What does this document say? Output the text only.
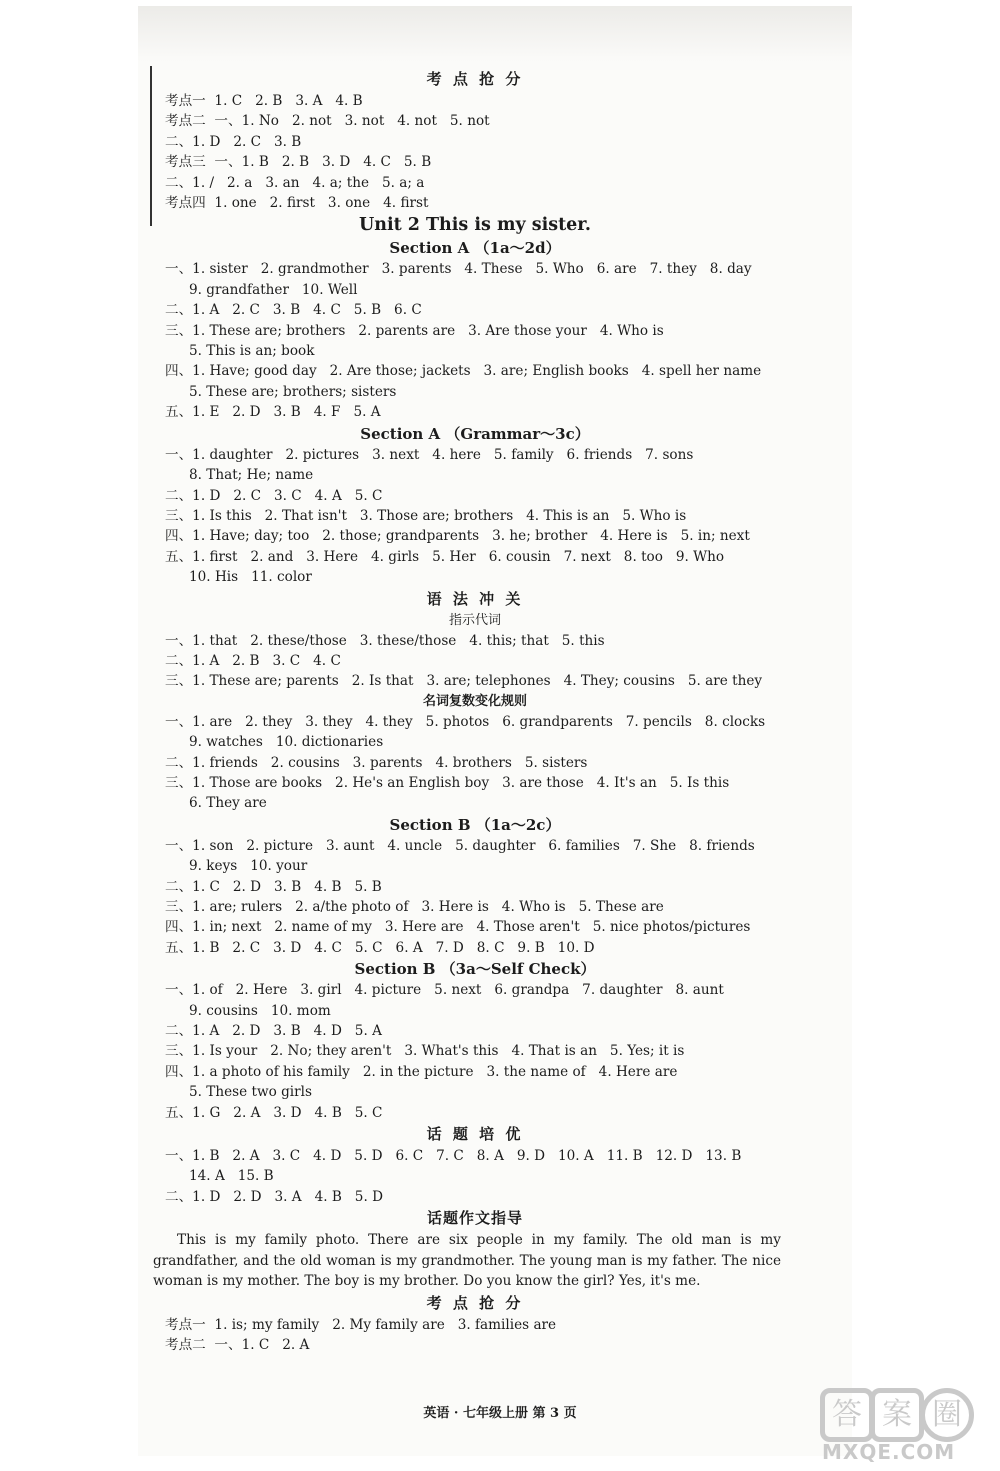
考 点 抢 分
考点一  1. C   2. B   3. A   4. B
考点二  一、1. No   2. not   3. not   4. not   5. not
二、1. D   2. C   3. B
考点三  一、1. B   2. B   3. D   4. C   5. B
二、1. /   2. a   3. an   4. a; the   5. a; a
考点四  1. one   2. first   3. one   4. first
Unit 2 This is my sister.
Section A （1a～2d）
一、1. sister   2. grandmother   3. parents   4. These   5. Who   6. are   7. they   8. day
9. grandfather   10. Well
二、1. A   2. C   3. B   4. C   5. B   6. C
三、1. These are; brothers   2. parents are   3. Are those your   4. Who is
5. This is an; book
四、1. Have; good day   2. Are those; jackets   3. are; English books   4. spell her name
5. These are; brothers; sisters
五、1. E   2. D   3. B   4. F   5. A
Section A （Grammar～3c）
一、1. daughter   2. pictures   3. next   4. here   5. family   6. friends   7. sons
8. That; He; name
二、1. D   2. C   3. C   4. A   5. C
三、1. Is this   2. That isn't   3. Those are; brothers   4. This is an   5. Who is
四、1. Have; day; too   2. those; grandparents   3. he; brother   4. Here is   5. in; next
五、1. first   2. and   3. Here   4. girls   5. Her   6. cousin   7. next   8. too   9. Who
10. His   11. color
语 法 冲 关
指示代词
一、1. that   2. these/those   3. these/those   4. this; that   5. this
二、1. A   2. B   3. C   4. C
三、1. These are; parents   2. Is that   3. are; telephones   4. They; cousins   5. are they
名词复数变化规则
一、1. are   2. they   3. they   4. they   5. photos   6. grandparents   7. pencils   8. clocks
9. watches   10. dictionaries
二、1. friends   2. cousins   3. parents   4. brothers   5. sisters
三、1. Those are books   2. He's an English boy   3. are those   4. It's an   5. Is this
6. They are
Section B （1a～2c）
一、1. son   2. picture   3. aunt   4. uncle   5. daughter   6. families   7. She   8. friends
9. keys   10. your
二、1. C   2. D   3. B   4. B   5. B
三、1. are; rulers   2. a/the photo of   3. Here is   4. Who is   5. These are
四、1. in; next   2. name of my   3. Here are   4. Those aren't   5. nice photos/pictures
五、1. B   2. C   3. D   4. C   5. C   6. A   7. D   8. C   9. B   10. D
Section B （3a～Self Check）
一、1. of   2. Here   3. girl   4. picture   5. next   6. grandpa   7. daughter   8. aunt
9. cousins   10. mom
二、1. A   2. D   3. B   4. D   5. A
三、1. Is your   2. No; they aren't   3. What's this   4. That is an   5. Yes; it is
四、1. a photo of his family   2. in the picture   3. the name of   4. Here are
5. These two girls
五、1. G   2. A   3. D   4. B   5. C
话 题 培 优
一、1. B   2. A   3. C   4. D   5. D   6. C   7. C   8. A   9. D   10. A   11. B   12. D   13. B
14. A   15. B
二、1. D   2. D   3. A   4. B   5. D
话题作文指导
This is my family photo. There are six people in my family. The old man is my grandfather, and the old woman is my grandmother. The young man is my father. The nice woman is my mother. The boy is my brother. Do you know the girl? Yes, it's me.
考 点 抢 分
考点一  1. is; my family   2. My family are   3. families are
考点二  一、1. C   2. A
英语 · 七年级上册 第 3 页	答 案 圈
MXQE.COM
